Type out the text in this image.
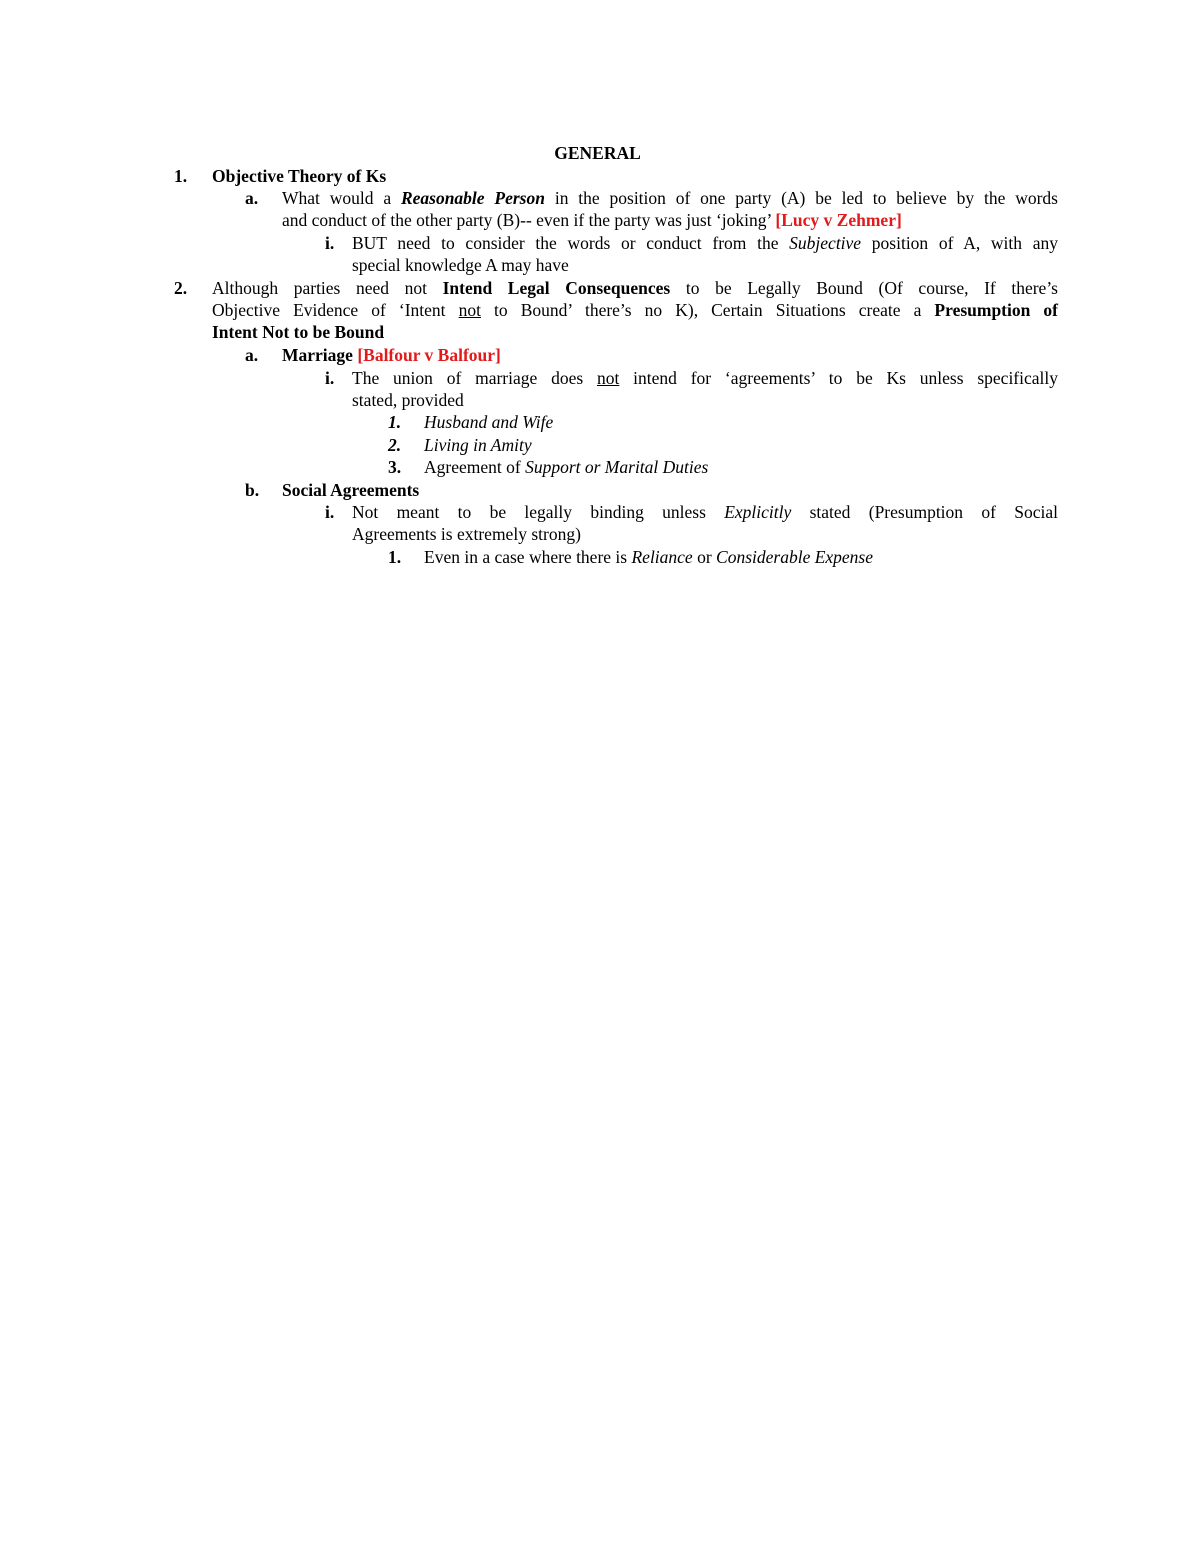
GENERAL
1. Objective Theory of Ks
a. What would a Reasonable Person in the position of one party (A) be led to believe by the words
and conduct of the other party (B)-- even if the party was just ‘joking’ [Lucy v Zehmer]
i. BUT need to consider the words or conduct from the Subjective position of A, with any
special knowledge A may have
2. Although parties need not Intend Legal Consequences to be Legally Bound (Of course, If there’s
Objective Evidence of ‘Intent not to Bound’ there’s no K), Certain Situations create a Presumption of
Intent Not to be Bound
a. Marriage [Balfour v Balfour]
i. The union of marriage does not intend for ‘agreements’ to be Ks unless specifically
stated, provided
1. Husband and Wife
2. Living in Amity
3. Agreement of Support or Marital Duties
b. Social Agreements
i. Not meant to be legally binding unless Explicitly stated (Presumption of Social
Agreements is extremely strong)
1. Even in a case where there is Reliance or Considerable Expense
